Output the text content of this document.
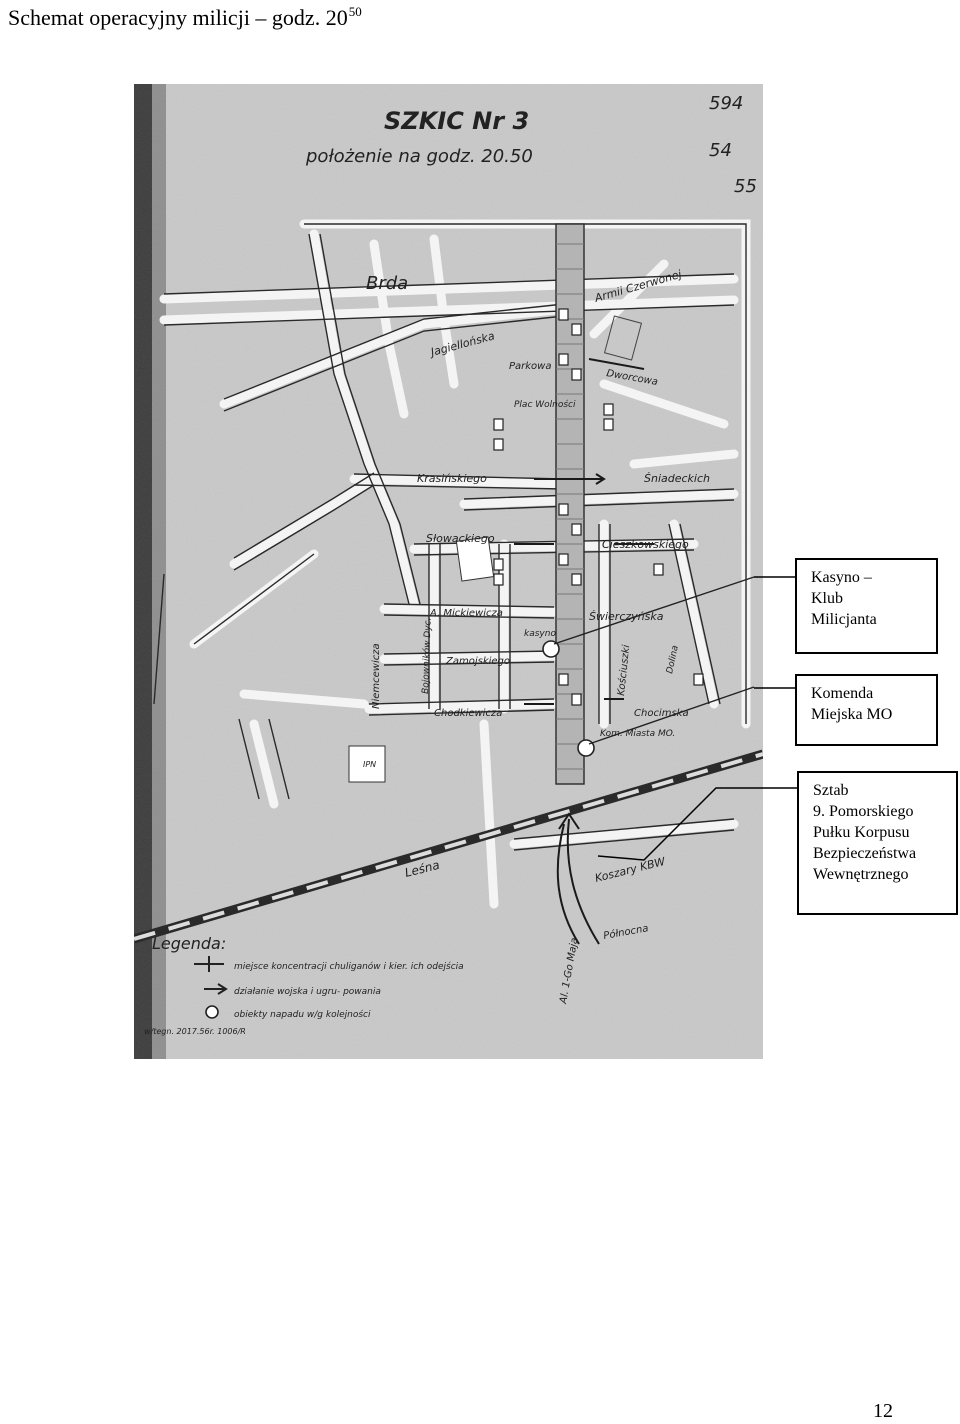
Schemat operacyjny milicji – godz. $20^{50}$
SZKIC Nr 3
położenie na godz. 20.50
594
54
55
Brda	Armii Czerwonej
Jagiellońska
Parkowa
Dworcowa
Plac Wolności
Krasińskiego	Śniadeckich
Słowackiego	Cieszkowskiego
A. Mickiewicza	Świerczyńska
kasyno
Zamojskiego
Niemcewicza	Bojowników Dyc.	Kościuszki
Chodkiewicza	Chocimska
Kom. Miasta MO.
Leśna	Koszary KBW
Północna
Al. 1-Go Maja
Dolina
IPN
Legenda:
miejsce koncentracji chuliganów i kier. ich odejścia
działanie wojska i ugru- powania
obiekty napadu w/g kolejności
w/tegn. 2017.56r. 1006/R
Kasyno –
Klub
Milicjanta
Komenda
Miejska MO
Sztab
9. Pomorskiego
Pułku Korpusu
Bezpieczeństwa
Wewnętrznego
12
